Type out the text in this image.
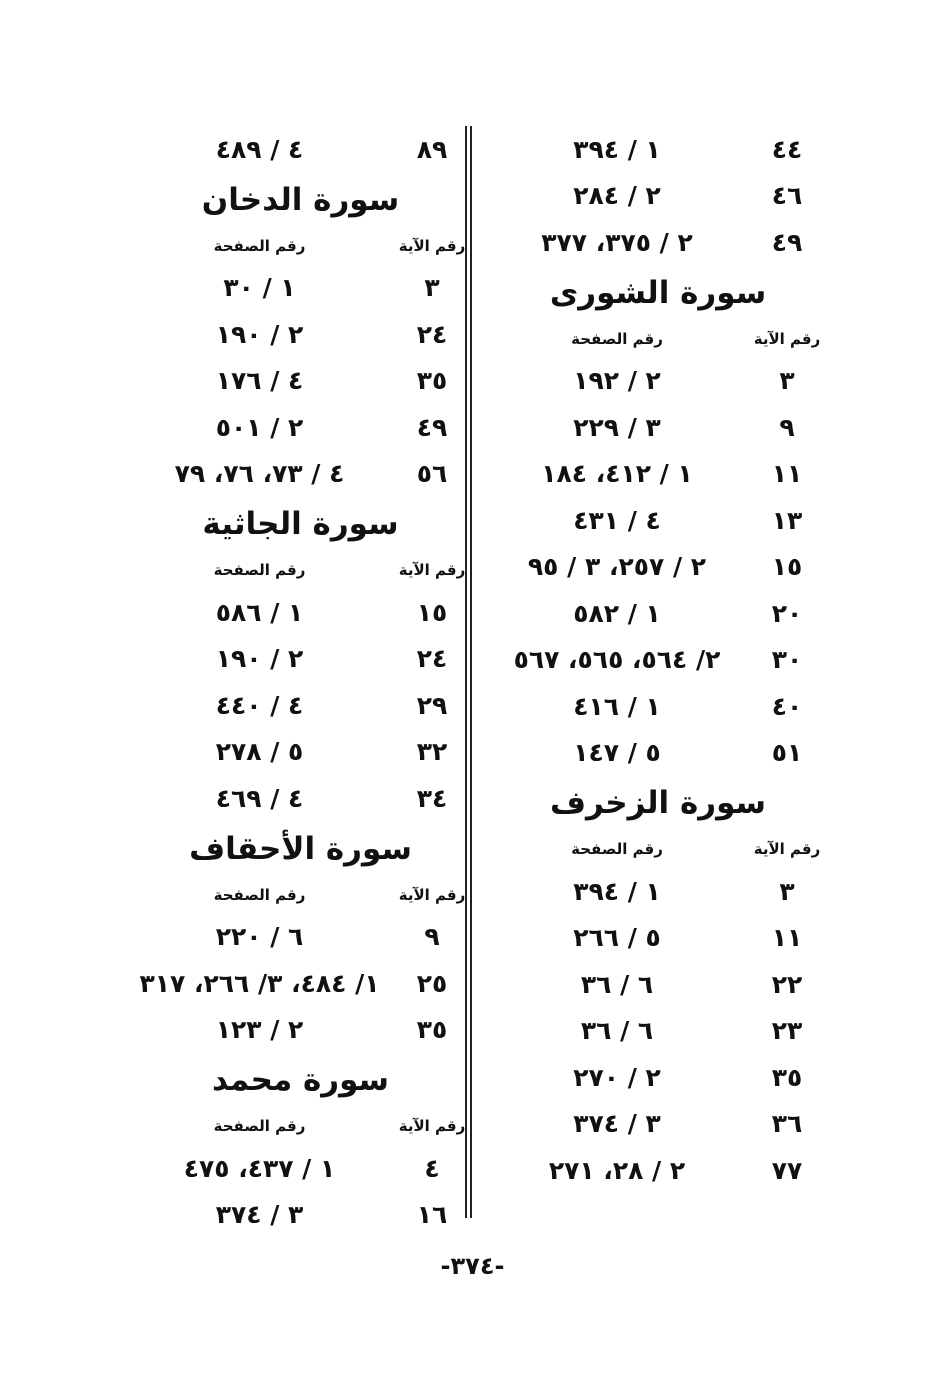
٤٤
١ / ٣٩٤
٤٦
٢ / ٢٨٤
٤٩
٢ / ٣٧٥، ٣٧٧
سورة الشورى
رقم الآية
رقم الصفحة
٣
٢ / ١٩٢
٩
٣ / ٢٢٩
١١
١ / ٤١٢، ١٨٤
١٣
٤ / ٤٣١
١٥
٢ / ٢٥٧، ٣ / ٩٥
٢٠
١ / ٥٨٢
٣٠
٢/ ٥٦٤، ٥٦٥، ٥٦٧
٤٠
١ / ٤١٦
٥١
٥ / ١٤٧
سورة الزخرف
رقم الآية
رقم الصفحة
٣
١ / ٣٩٤
١١
٥ / ٢٦٦
٢٢
٦ / ٣٦
٢٣
٦ / ٣٦
٣٥
٢ / ٢٧٠
٣٦
٣ / ٣٧٤
٧٧
٢ / ٢٨، ٢٧١
٨٩
٤ / ٤٨٩
سورة الدخان
رقم الآية
رقم الصفحة
٣
١ / ٣٠
٢٤
٢ / ١٩٠
٣٥
٤ / ١٧٦
٤٩
٢ / ٥٠١
٥٦
٤ / ٧٣، ٧٦، ٧٩
سورة الجاثية
رقم الآية
رقم الصفحة
١٥
١ / ٥٨٦
٢٤
٢ / ١٩٠
٢٩
٤ / ٤٤٠
٣٢
٥ / ٢٧٨
٣٤
٤ / ٤٦٩
سورة الأحقاف
رقم الآية
رقم الصفحة
٩
٦ / ٢٢٠
٢٥
١/ ٤٨٤، ٣/ ٢٦٦، ٣١٧
٣٥
٢ / ١٢٣
سورة محمد
رقم الآية
رقم الصفحة
٤
١ / ٤٣٧، ٤٧٥
١٦
٣ / ٣٧٤
-٣٧٤-
